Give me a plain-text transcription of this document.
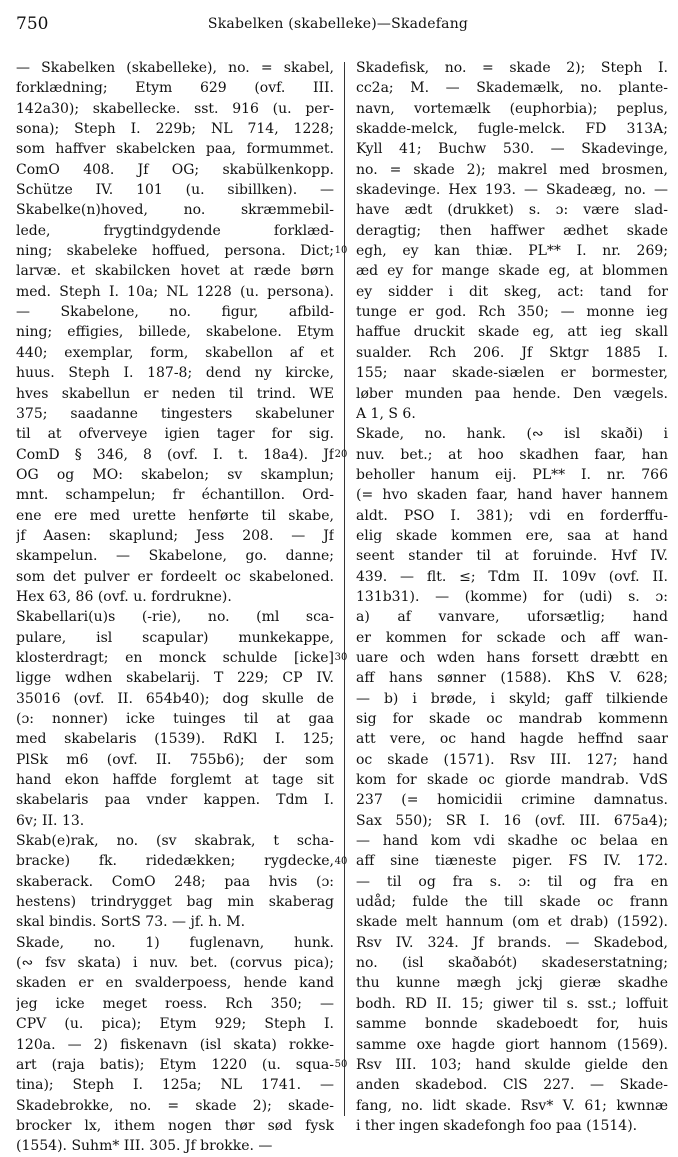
750	Skabelken (skabelleke)—Skadefang
— Skabelken (skabelleke), no. = skabel,
forklædning; Etym 629 (ovf. III.
142a30); skabellecke. sst. 916 (u. per-
sona); Steph I. 229b; NL 714, 1228;
som haffver skabelcken paa, formummet.
ComO 408. Jf OG; skabülkenkopp.
Schütze IV. 101 (u. sibillken). —
Skabelke(n)hoved, no. skræmmebil-
lede, frygtindgydende forklæd-
ning; skabeleke hoffued, persona. Dict;
larvæ. et skabilcken hovet at ræde børn
med. Steph I. 10a; NL 1228 (u. persona).
— Skabelone, no. figur, afbild-
ning; effigies, billede, skabelone. Etym
440; exemplar, form, skabellon af et
huus. Steph I. 187-8; dend ny kircke,
hves skabellun er neden til trind. WE
375; saadanne tingesters skabeluner
til at ofverveye igien tager for sig.
ComD § 346, 8 (ovf. I. t. 18a4). Jf
OG og MO: skabelon; sv skamplun;
mnt. schampelun; fr échantillon. Ord-
ene ere med urette henførte til skabe,
jf Aasen: skaplund; Jess 208. — Jf
skampelun. — Skabelone, go. danne;
som det pulver er fordeelt oc skabeloned.
Hex 63, 86 (ovf. u. fordrukne).
Skabellari(u)s (-rie), no. (ml sca-
pulare, isl scapular) munkekappe,
klosterdragt; en monck schulde [icke]
ligge wdhen skabelarij. T 229; CP IV.
35016 (ovf. II. 654b40); dog skulle de
(ɔ: nonner) icke tuinges til at gaa
med skabelaris (1539). RdKl I. 125;
PlSk m6 (ovf. II. 755b6); der som
hand ekon haffde forglemt at tage sit
skabelaris paa vnder kappen. Tdm I.
6v; II. 13.
Skab(e)rak, no. (sv skabrak, t scha-
bracke) fk. ridedækken; rygdecke,
skaberack. ComO 248; paa hvis (ɔ:
hestens) trindrygget bag min skaberag
skal bindis. SortS 73. — jf. h. M.
Skade, no. 1) fuglenavn, hunk.
(∾ fsv skata) i nuv. bet. (corvus pica);
skaden er en svalderpoess, hende kand
jeg icke meget roess. Rch 350; —
CPV (u. pica); Etym 929; Steph I.
120a. — 2) fiskenavn (isl skata) rokke-
art (raja batis); Etym 1220 (u. squa-
tina); Steph I. 125a; NL 1741. —
Skadebrokke, no. = skade 2); skade-
brocker lx, ithem nogen thør sød fysk
(1554). Suhm* III. 305. Jf brokke. —
10
20
30
40
50
Skadefisk, no. = skade 2); Steph I.
cc2a; M. — Skademælk, no. plante-
navn, vortemælk (euphorbia); peplus,
skadde-melck, fugle-melck. FD 313A;
Kyll 41; Buchw 530. — Skadevinge,
no. = skade 2); makrel med brosmen,
skadevinge. Hex 193. — Skadeæg, no. —
have ædt (drukket) s. ɔ: være slad-
deragtig; then haffwer ædhet skade
egh, ey kan thiæ. PL** I. nr. 269;
æd ey for mange skade eg, at blommen
ey sidder i dit skeg, act: tand for
tunge er god. Rch 350; — monne ieg
haffue druckit skade eg, att ieg skall
sualder. Rch 206. Jf Sktgr 1885 I.
155; naar skade-siælen er bormester,
løber munden paa hende. Den vægels.
A 1, S 6.
Skade, no. hank. (∾ isl skaði) i
nuv. bet.; at hoo skadhen faar, han
beholler hanum eij. PL** I. nr. 766
(= hvo skaden faar, hand haver hannem
aldt. PSO I. 381); vdi en forderffu-
elig skade kommen ere, saa at hand
seent stander til at foruinde. Hvf IV.
439. — flt. ≤; Tdm II. 109v (ovf. II.
131b31). — (komme) for (udi) s. ɔ:
a) af vanvare, uforsætlig; hand
er kommen for sckade och aff wan-
uare och wden hans forsett dræbtt en
aff hans sønner (1588). KhS V. 628;
— b) i brøde, i skyld; gaff tilkiende
sig for skade oc mandrab kommenn
att vere, oc hand hagde heffnd saar
oc skade (1571). Rsv III. 127; hand
kom for skade oc giorde mandrab. VdS
237 (= homicidii crimine damnatus.
Sax 550); SR I. 16 (ovf. III. 675a4);
— hand kom vdi skadhe oc belaa en
aff sine tiæneste piger. FS IV. 172.
— til og fra s. ɔ: til og fra en
udåd; fulde the till skade oc frann
skade melt hannum (om et drab) (1592).
Rsv IV. 324. Jf brands. — Skadebod,
no. (isl skaðabót) skadeserstatning;
thu kunne mægh jckj gieræ skadhe
bodh. RD II. 15; giwer til s. sst.; loffuit
samme bonnde skadeboedt for, huis
samme oxe hagde giort hannom (1569).
Rsv III. 103; hand skulde gielde den
anden skadebod. ClS 227. — Skade-
fang, no. lidt skade. Rsv* V. 61; kwnnæ
i ther ingen skadefongh foo paa (1514).
